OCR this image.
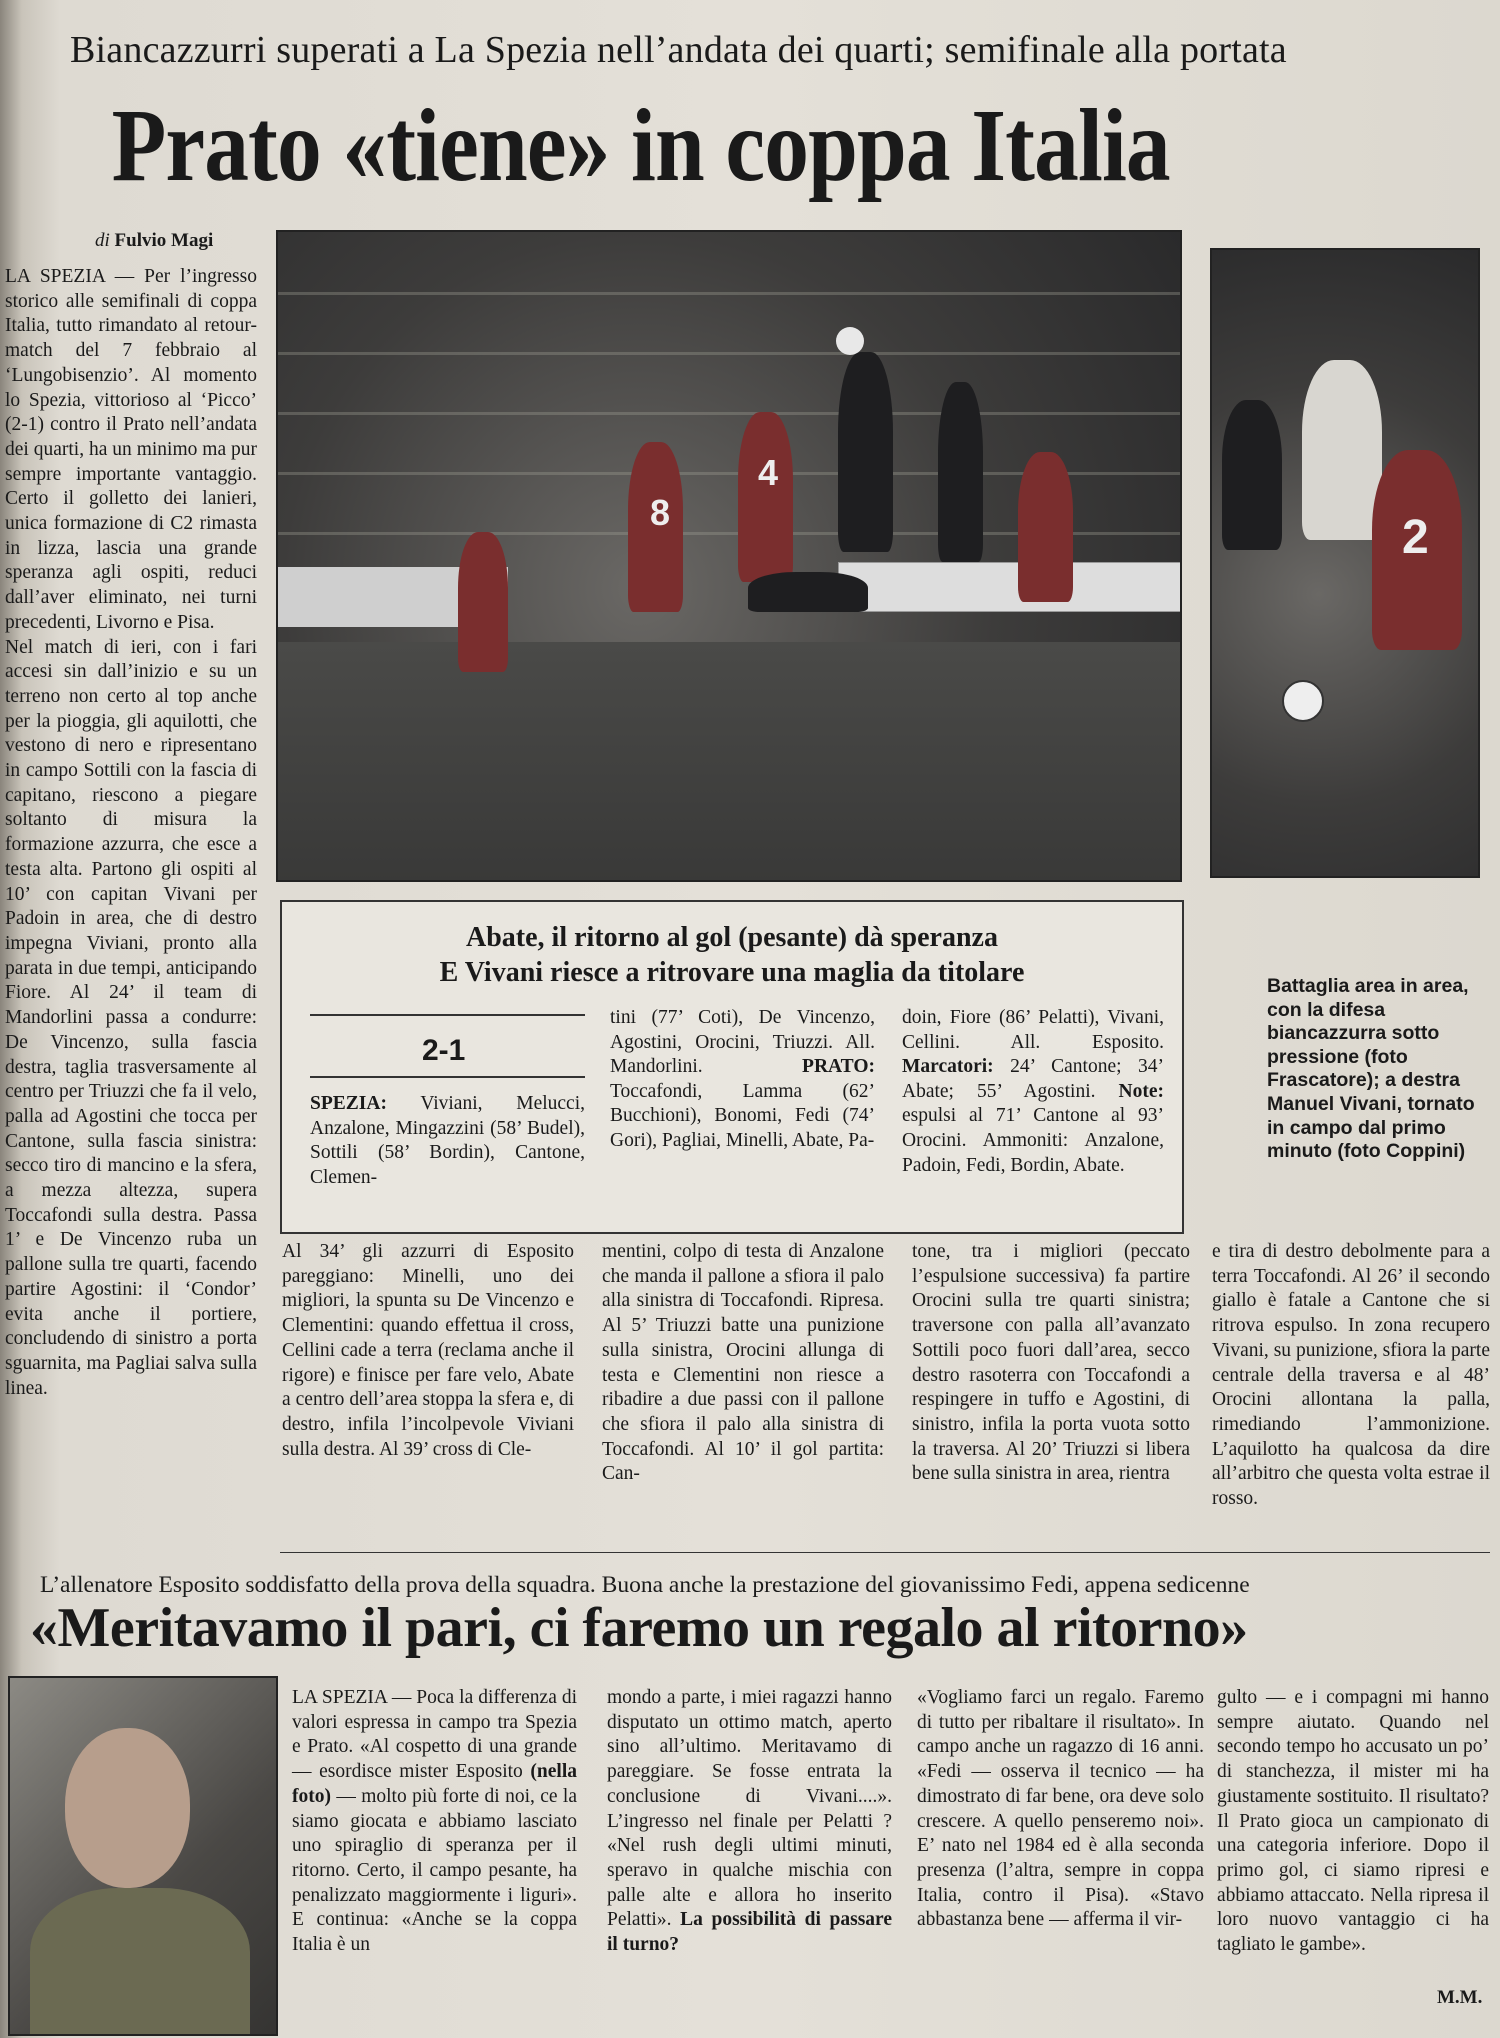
Biancazzurri superati a La Spezia nell’andata dei quarti; semifinale alla portata
Prato «tiene» in coppa Italia
di Fulvio Magi
8
4
2

LA SPEZIA — Per l’ingresso storico alle semifinali di coppa Italia, tutto rimandato al retour-match del 7 febbraio al ‘Lungobisenzio’. Al momento lo Spezia, vittorioso al ‘Picco’ (2-1) contro il Prato nell’andata dei quarti, ha un minimo ma pur sempre importante vantaggio. Certo il golletto dei lanieri, unica formazione di C2 rimasta in lizza, lascia una grande speranza agli ospiti, reduci dall’aver eliminato, nei turni precedenti, Livorno e Pisa.

Nel match di ieri, con i fari accesi sin dall’inizio e su un terreno non certo al top anche per la pioggia, gli aquilotti, che vestono di nero e ripresentano in campo Sottili con la fascia di capitano, riescono a piegare soltanto di misura la formazione azzurra, che esce a testa alta. Partono gli ospiti al 10’ con capitan Vivani per Padoin in area, che di destro impegna Viviani, pronto alla parata in due tempi, anticipando Fiore. Al 24’ il team di Mandorlini passa a condurre: De Vincenzo, sulla fascia destra, taglia trasversamente al centro per Triuzzi che fa il velo, palla ad Agostini che tocca per Cantone, sulla fascia sinistra: secco tiro di mancino e la sfera, a mezza altezza, supera Toccafondi sulla destra. Passa 1’ e De Vincenzo ruba un pallone sulla tre quarti, facendo partire Agostini: il ‘Condor’ evita anche il portiere, concludendo di sinistro a porta sguarnita, ma Pagliai salva sulla linea.

Abate, il ritorno al gol (pesante) dà speranza
E Vivani riesce a ritrovare una maglia da titolare
2-1
SPEZIA: Viviani, Melucci, Anzalone, Mingazzini (58’ Budel), Sottili (58’ Bordin), Cantone, Clemen-
tini (77’ Coti), De Vincenzo, Agostini, Orocini, Triuzzi. All. Mandorlini.	PRATO: Toccafondi, Lamma (62’ Bucchioni), Bonomi, Fedi (74’ Gori), Pagliai, Minelli, Abate, Pa-
doin, Fiore (86’ Pelatti), Vivani, Cellini. All. Esposito. Marcatori: 24’ Cantone; 34’ Abate; 55’ Agostini. Note: espulsi al 71’ Cantone al 93’ Orocini. Ammoniti: Anzalone, Padoin, Fedi, Bordin, Abate.
Battaglia area in area, con la difesa biancazzurra sotto pressione (foto Frascatore); a destra Manuel Vivani, tornato in campo dal primo minuto (foto Coppini)
Al 34’ gli azzurri di Esposito pareggiano: Minelli, uno dei migliori, la spunta su De Vincenzo e Clementini: quando effettua il cross, Cellini cade a terra (reclama anche il rigore) e finisce per fare velo, Abate a centro dell’area stoppa la sfera e, di destro, infila l’incolpevole Viviani sulla destra. Al 39’ cross di Cle-
mentini, colpo di testa di Anzalone che manda il pallone a sfiora il palo alla sinistra di Toccafondi. Ripresa. Al 5’ Triuzzi batte una punizione sulla sinistra, Orocini allunga di testa e Clementini non riesce a ribadire a due passi con il pallone che sfiora il palo alla sinistra di Toccafondi. Al 10’ il gol partita: Can-
tone, tra i migliori (peccato l’espulsione successiva) fa partire Orocini sulla tre quarti sinistra; traversone con palla all’avanzato Sottili poco fuori dall’area, secco destro rasoterra con Toccafondi a respingere in tuffo e Agostini, di sinistro, infila la porta vuota sotto la traversa. Al 20’ Triuzzi si libera bene sulla sinistra in area, rientra
e tira di destro debolmente para a terra Toccafondi. Al 26’ il secondo giallo è fatale a Cantone che si ritrova espulso. In zona recupero Vivani, su punizione, sfiora la parte centrale della traversa e al 48’ Orocini allontana la palla, rimediando l’ammonizione. L’aquilotto ha qualcosa da dire all’arbitro che questa volta estrae il rosso.
L’allenatore Esposito soddisfatto della prova della squadra. Buona anche la prestazione del giovanissimo Fedi, appena sedicenne
«Meritavamo il pari, ci faremo un regalo al ritorno»
LA SPEZIA — Poca la differenza di valori espressa in campo tra Spezia e Prato. «Al cospetto di una grande — esordisce mister Esposito (nella foto) — molto più forte di noi, ce la siamo giocata e abbiamo lasciato uno spiraglio di speranza per il ritorno. Certo, il campo pesante, ha penalizzato maggiormente i liguri». E continua: «Anche se la coppa Italia è un
mondo a parte, i miei ragazzi hanno disputato un ottimo match, aperto sino all’ultimo. Meritavamo di pareggiare. Se fosse entrata la conclusione di Vivani....». L’ingresso nel finale per Pelatti ? «Nel rush degli ultimi minuti, speravo in qualche mischia con palle alte e allora ho inserito Pelatti». La possibilità di passare il turno?
«Vogliamo farci un regalo. Faremo di tutto per ribaltare il risultato». In campo anche un ragazzo di 16 anni. «Fedi — osserva il tecnico — ha dimostrato di far bene, ora deve solo crescere. A quello penseremo noi». E’ nato nel 1984 ed è alla seconda presenza (l’altra, sempre in coppa Italia, contro il Pisa). «Stavo abbastanza bene — afferma il vir-
gulto — e i compagni mi hanno sempre aiutato. Quando nel secondo tempo ho accusato un po’ di stanchezza, il mister mi ha giustamente sostituito. Il risultato? Il Prato gioca un campionato di una categoria inferiore. Dopo il primo gol, ci siamo ripresi e abbiamo attaccato. Nella ripresa il loro nuovo vantaggio ci ha tagliato le gambe».
M.M.
